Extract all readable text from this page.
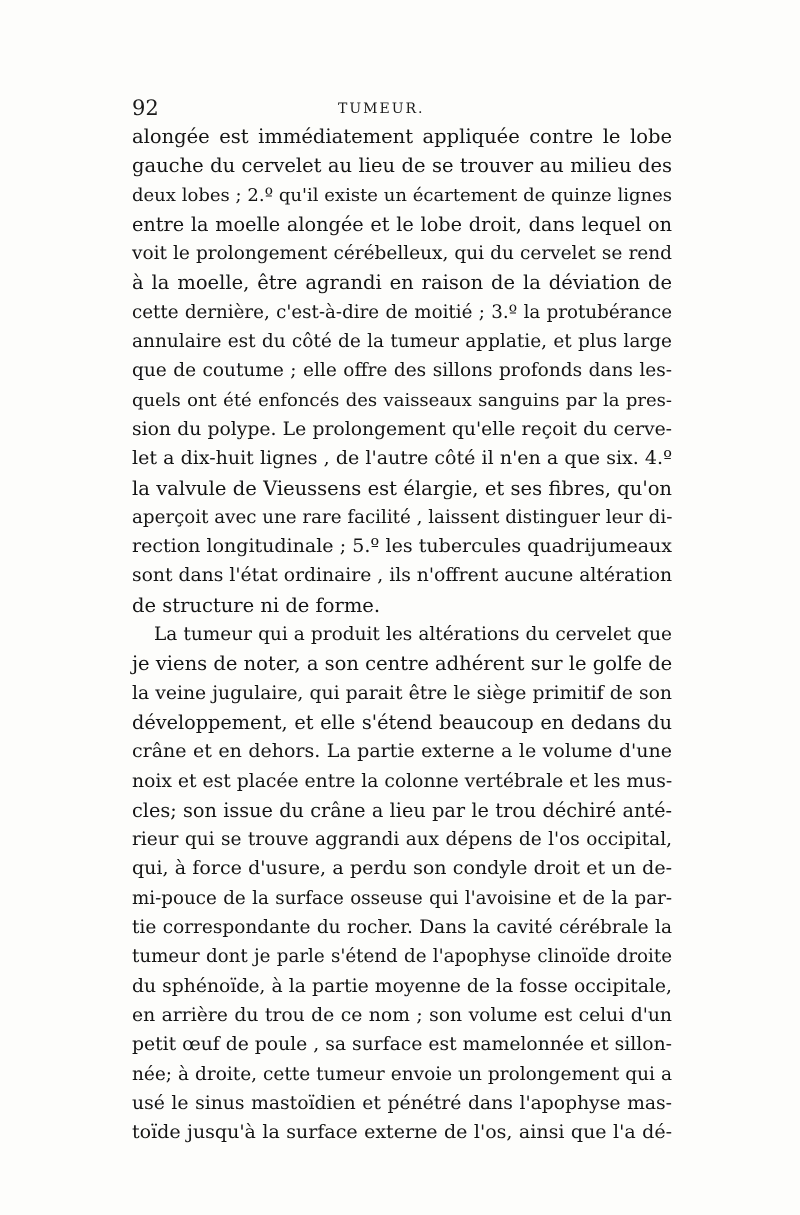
92	TUMEUR.
alongée est immédiatement appliquée contre le lobe
gauche du cervelet au lieu de se trouver au milieu des
deux lobes ; 2.º qu'il existe un écartement de quinze lignes
entre la moelle alongée et le lobe droit, dans lequel on
voit le prolongement cérébelleux, qui du cervelet se rend
à la moelle, être agrandi en raison de la déviation de
cette dernière, c'est-à-dire de moitié ; 3.º la protubérance
annulaire est du côté de la tumeur applatie, et plus large
que de coutume ; elle offre des sillons profonds dans les-
quels ont été enfoncés des vaisseaux sanguins par la pres-
sion du polype. Le prolongement qu'elle reçoit du cerve-
let a dix-huit lignes , de l'autre côté il n'en a que six. 4.º
la valvule de Vieussens est élargie, et ses fibres, qu'on
aperçoit avec une rare facilité , laissent distinguer leur di-
rection longitudinale ; 5.º les tubercules quadrijumeaux
sont dans l'état ordinaire , ils n'offrent aucune altération
de structure ni de forme.
La tumeur qui a produit les altérations du cervelet que
je viens de noter, a son centre adhérent sur le golfe de
la veine jugulaire, qui parait être le siège primitif de son
développement, et elle s'étend beaucoup en dedans du
crâne et en dehors. La partie externe a le volume d'une
noix et est placée entre la colonne vertébrale et les mus-
cles; son issue du crâne a lieu par le trou déchiré anté-
rieur qui se trouve aggrandi aux dépens de l'os occipital,
qui, à force d'usure, a perdu son condyle droit et un de-
mi-pouce de la surface osseuse qui l'avoisine et de la par-
tie correspondante du rocher. Dans la cavité cérébrale la
tumeur dont je parle s'étend de l'apophyse clinoïde droite
du sphénoïde, à la partie moyenne de la fosse occipitale,
en arrière du trou de ce nom ; son volume est celui d'un
petit œuf de poule , sa surface est mamelonnée et sillon-
née; à droite, cette tumeur envoie un prolongement qui a
usé le sinus mastoïdien et pénétré dans l'apophyse mas-
toïde jusqu'à la surface externe de l'os, ainsi que l'a dé-
